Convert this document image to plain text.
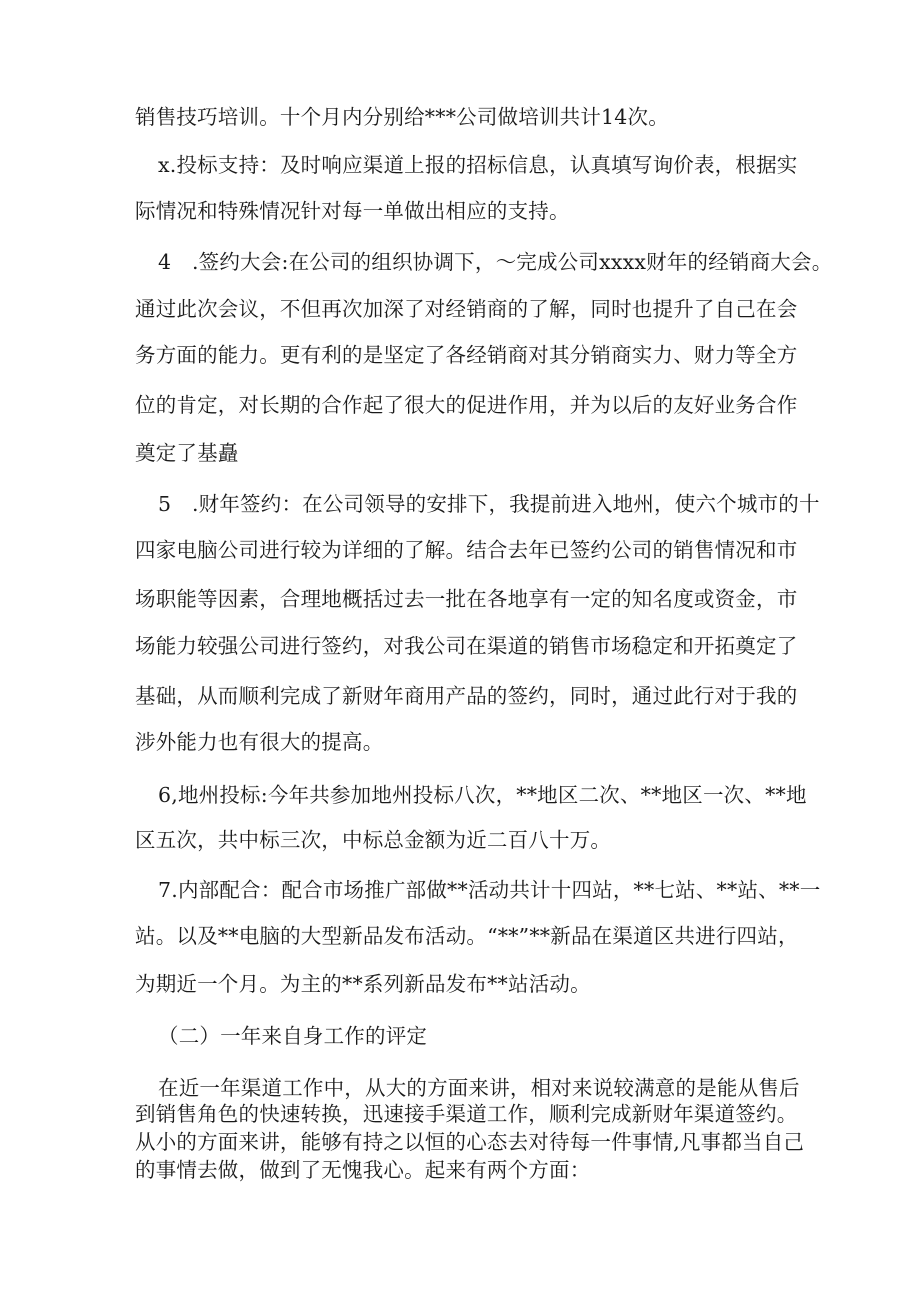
销售技巧培训。十个月内分别给***公司做培训共计14次。
x.投标支持：及时响应渠道上报的招标信息，认真填写询价表，根据实
际情况和特殊情况针对每一单做出相应的支持。
4　.签约大会:在公司的组织协调下，～完成公司xxxx财年的经销商大会。
通过此次会议，不但再次加深了对经销商的了解，同时也提升了自己在会
务方面的能力。更有利的是坚定了各经销商对其分销商实力、财力等全方
位的肯定，对长期的合作起了很大的促进作用，并为以后的友好业务合作
奠定了基矗
5　.财年签约：在公司领导的安排下，我提前进入地州，使六个城市的十
四家电脑公司进行较为详细的了解。结合去年已签约公司的销售情况和市
场职能等因素，合理地概括过去一批在各地享有一定的知名度或资金，市
场能力较强公司进行签约，对我公司在渠道的销售市场稳定和开拓奠定了
基础，从而顺利完成了新财年商用产品的签约，同时，通过此行对于我的
涉外能力也有很大的提高。
6,地州投标:今年共参加地州投标八次，**地区二次、**地区一次、**地
区五次，共中标三次，中标总金额为近二百八十万。
7.内部配合：配合市场推广部做**活动共计十四站，**七站、**站、**一
站。以及**电脑的大型新品发布活动。“**”**新品在渠道区共进行四站，
为期近一个月。为主的**系列新品发布**站活动。
（二）一年来自身工作的评定
在近一年渠道工作中，从大的方面来讲，相对来说较满意的是能从售后
到销售角色的快速转换，迅速接手渠道工作，顺利完成新财年渠道签约。
从小的方面来讲，能够有持之以恒的心态去对待每一件事情,凡事都当自己
的事情去做，做到了无愧我心。起来有两个方面：
